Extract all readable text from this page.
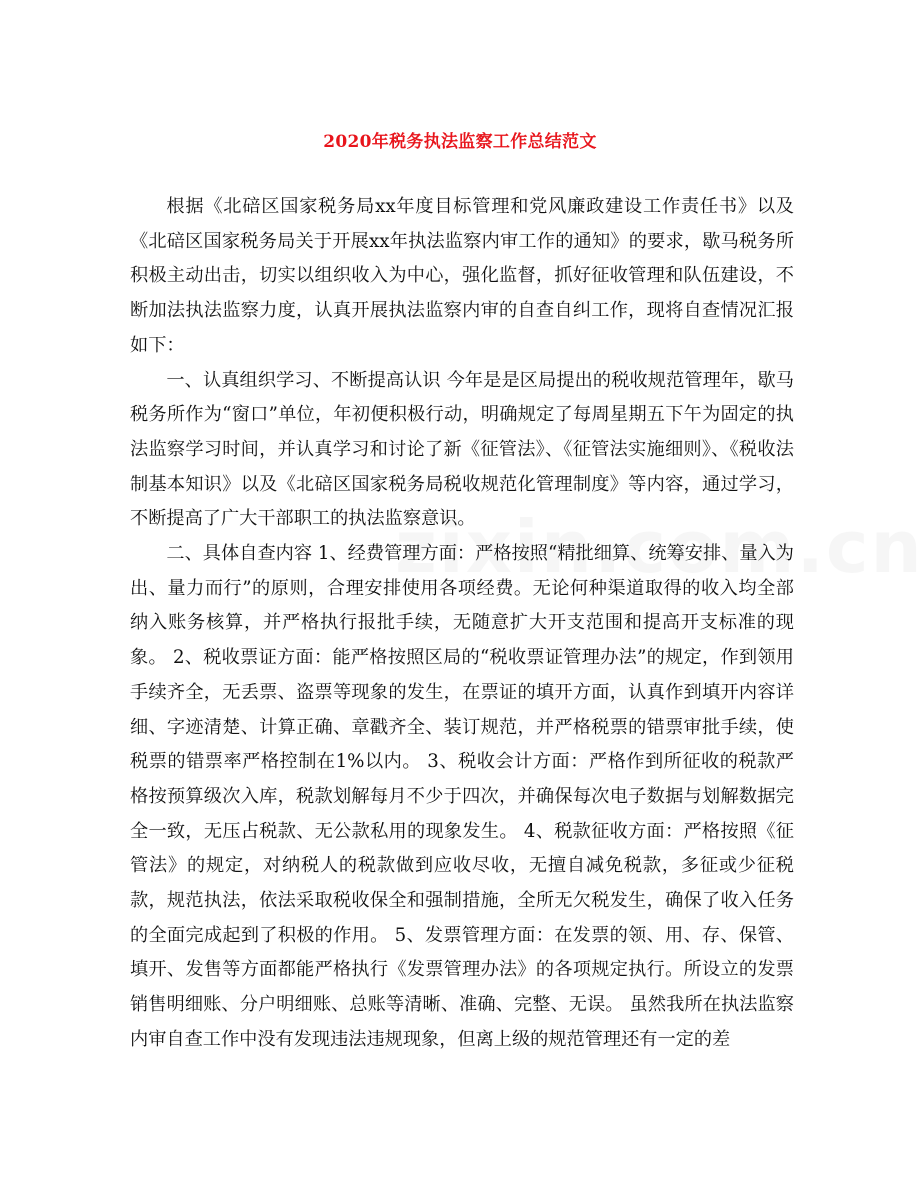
2020年税务执法监察工作总结范文

根据《北碚区国家税务局xx年度目标管理和党风廉政建设工作责任书》以及《北碚区国家税务局关于开展xx年执法监察内审工作的通知》的要求，歇马税务所积极主动出击，切实以组织收入为中心，强化监督，抓好征收管理和队伍建设，不断加法执法监察力度，认真开展执法监察内审的自查自纠工作，现将自查情况汇报如下：

一、认真组织学习、不断提高认识 今年是是区局提出的税收规范管理年，歇马税务所作为“窗口”单位，年初便积极行动，明确规定了每周星期五下午为固定的执法监察学习时间，并认真学习和讨论了新《征管法》、《征管法实施细则》、《税收法制基本知识》以及《北碚区国家税务局税收规范化管理制度》等内容，通过学习，不断提高了广大干部职工的执法监察意识。

二、具体自查内容 1、经费管理方面：严格按照“精批细算、统筹安排、量入为出、量力而行”的原则，合理安排使用各项经费。无论何种渠道取得的收入均全部纳入账务核算，并严格执行报批手续，无随意扩大开支范围和提高开支标准的现象。 2、税收票证方面：能严格按照区局的“税收票证管理办法”的规定，作到领用手续齐全，无丢票、盗票等现象的发生，在票证的填开方面，认真作到填开内容详细、字迹清楚、计算正确、章戳齐全、装订规范，并严格税票的错票审批手续，使税票的错票率严格控制在1%以内。 3、税收会计方面：严格作到所征收的税款严格按预算级次入库，税款划解每月不少于四次，并确保每次电子数据与划解数据完全一致，无压占税款、无公款私用的现象发生。 4、税款征收方面：严格按照《征管法》的规定，对纳税人的税款做到应收尽收，无擅自减免税款，多征或少征税款，规范执法，依法采取税收保全和强制措施，全所无欠税发生，确保了收入任务的全面完成起到了积极的作用。 5、发票管理方面：在发票的领、用、存、保管、填开、发售等方面都能严格执行《发票管理办法》的各项规定执行。所设立的发票销售明细账、分户明细账、总账等清晰、准确、完整、无误。 虽然我所在执法监察内审自查工作中没有发现违法违规现象，但离上级的规范管理还有一定的差
